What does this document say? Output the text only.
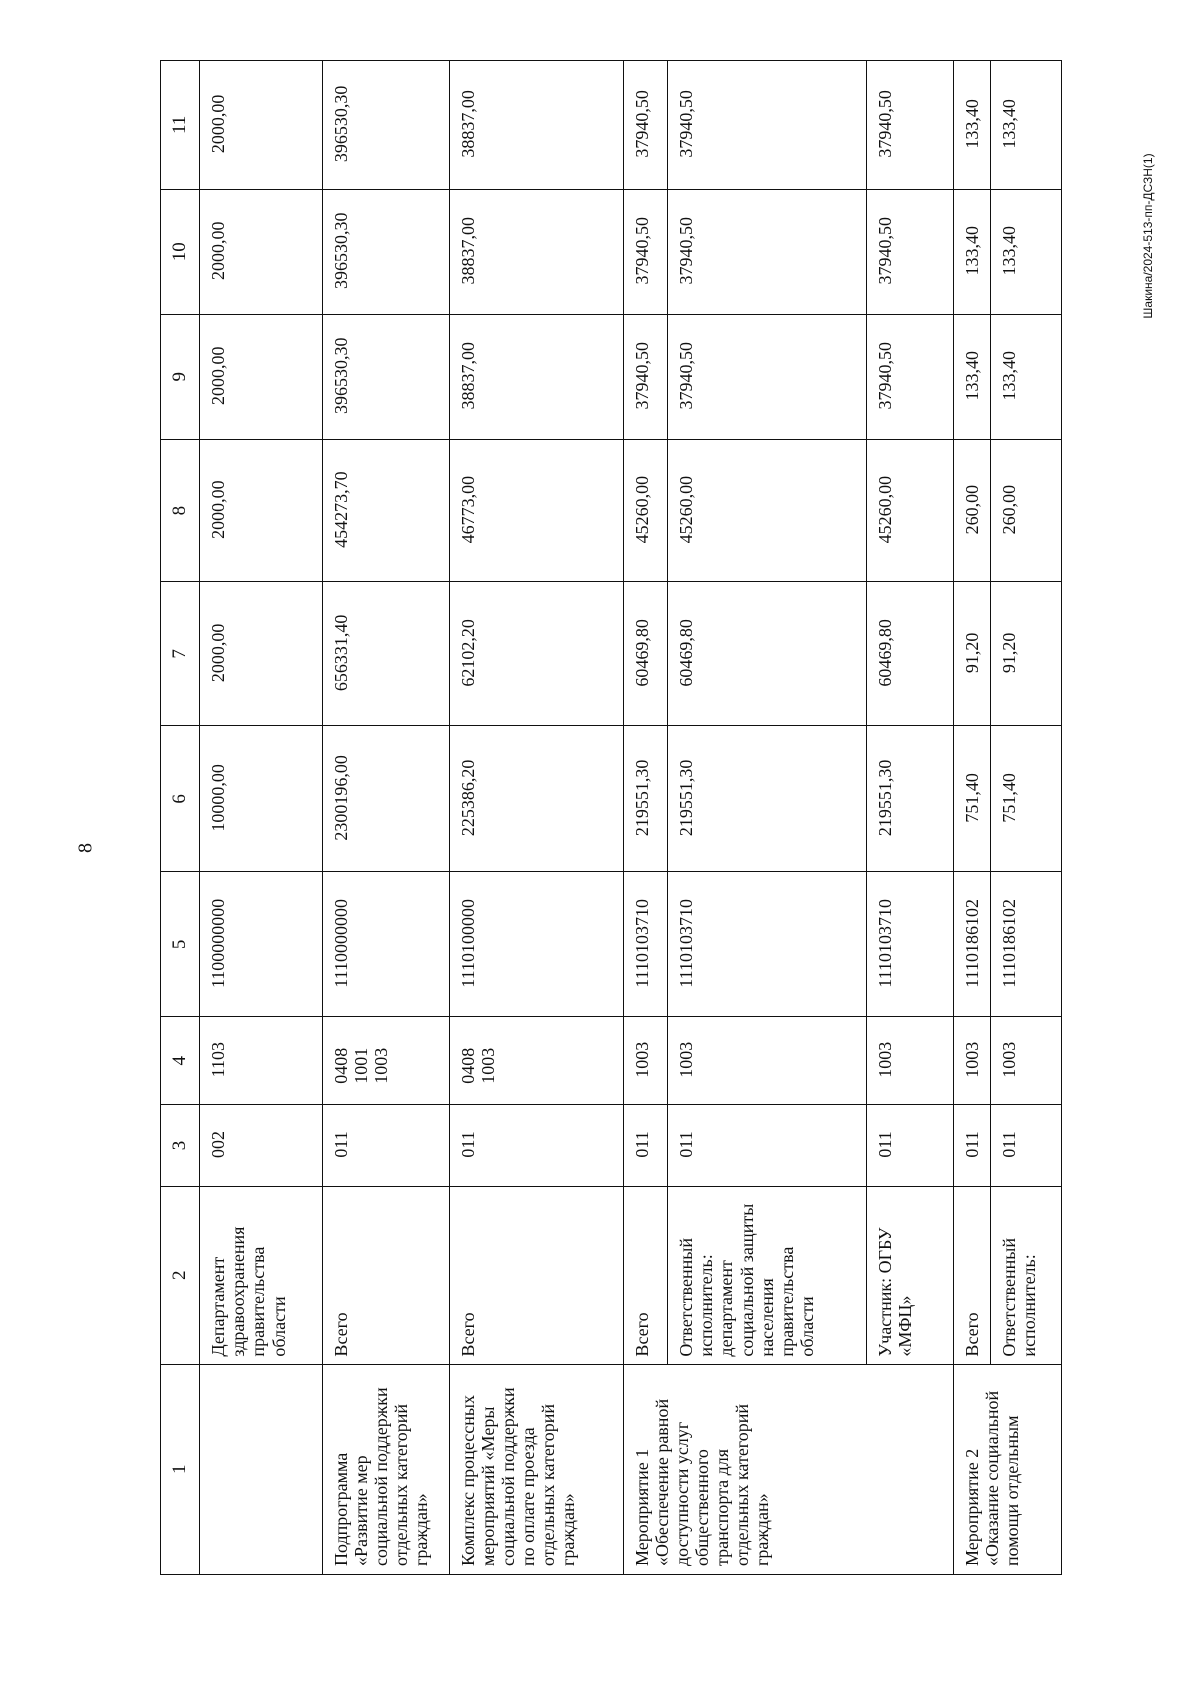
8
Шакина/2024-513-пп-ДСЗН(1)
1	2	3	4	5	6	7	8	9	10	11
	Департамент здравоохранения правительства области	002	1103	1100000000	10000,00	2000,00	2000,00	2000,00	2000,00	2000,00
Подпрограмма «Развитие мер социальной поддержки отдельных категорий граждан»	Всего	011	0408 1001 1003	1110000000	2300196,00	656331,40	454273,70	396530,30	396530,30	396530,30
Комплекс процессных мероприятий «Меры социальной поддержки по оплате проезда отдельных категорий граждан»	Всего	011	0408 1003	1110100000	225386,20	62102,20	46773,00	38837,00	38837,00	38837,00
Мероприятие 1 «Обеспечение равной доступности услуг общественного транспорта для отдельных категорий граждан»	Всего	011	1003	1110103710	219551,30	60469,80	45260,00	37940,50	37940,50	37940,50
	Ответственный исполнитель: департамент социальной защиты населения правительства области	011	1003	1110103710	219551,30	60469,80	45260,00	37940,50	37940,50	37940,50
	Участник: ОГБУ «МФЦ»	011	1003	1110103710	219551,30	60469,80	45260,00	37940,50	37940,50	37940,50
Мероприятие 2 «Оказание социальной помощи отдельным	Всего	011	1003	1110186102	751,40	91,20	260,00	133,40	133,40	133,40
	Ответственный исполнитель:	011	1003	1110186102	751,40	91,20	260,00	133,40	133,40	133,40
